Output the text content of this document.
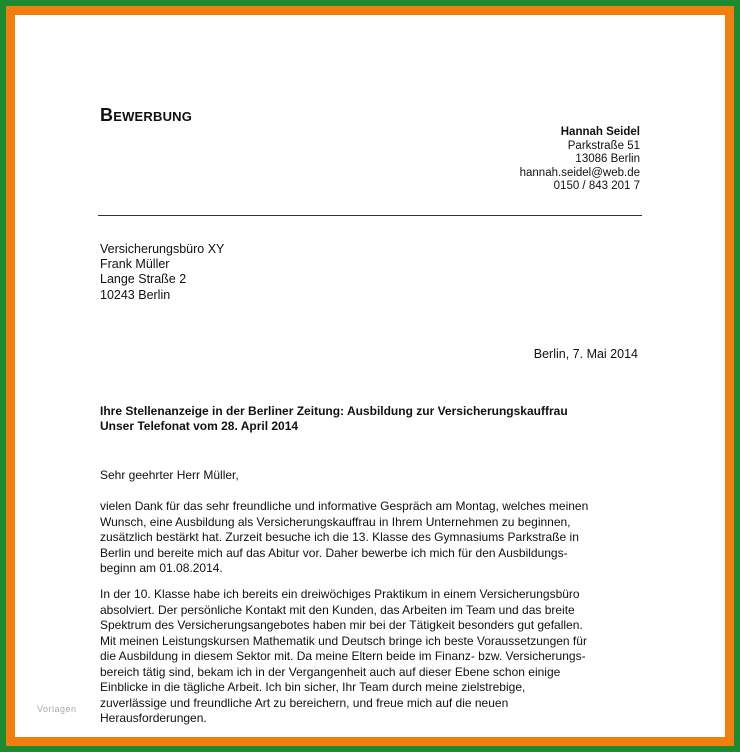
BEWERBUNG
Hannah Seidel
Parkstraße 51
13086 Berlin
hannah.seidel@web.de
0150 / 843 201 7
Versicherungsbüro XY
Frank Müller
Lange Straße 2
10243 Berlin
Berlin, 7. Mai 2014
Ihre Stellenanzeige in der Berliner Zeitung: Ausbildung zur Versicherungskauffrau
Unser Telefonat vom 28. April 2014
Sehr geehrter Herr Müller,
vielen Dank für das sehr freundliche und informative Gespräch am Montag, welches meinen
Wunsch, eine Ausbildung als Versicherungskauffrau in Ihrem Unternehmen zu beginnen,
zusätzlich bestärkt hat. Zurzeit besuche ich die 13. Klasse des Gymnasiums Parkstraße in
Berlin und bereite mich auf das Abitur vor. Daher bewerbe ich mich für den Ausbildungs-
beginn am 01.08.2014.
In der 10. Klasse habe ich bereits ein dreiwöchiges Praktikum in einem Versicherungsbüro
absolviert. Der persönliche Kontakt mit den Kunden, das Arbeiten im Team und das breite
Spektrum des Versicherungsangebotes haben mir bei der Tätigkeit besonders gut gefallen.
Mit meinen Leistungskursen Mathematik und Deutsch bringe ich beste Voraussetzungen für
die Ausbildung in diesem Sektor mit. Da meine Eltern beide im Finanz- bzw. Versicherungs-
bereich tätig sind, bekam ich in der Vergangenheit auch auf dieser Ebene schon einige
Einblicke in die tägliche Arbeit. Ich bin sicher, Ihr Team durch meine zielstrebige,
zuverlässige und freundliche Art zu bereichern, und freue mich auf die neuen
Herausforderungen.
Vorlagen
